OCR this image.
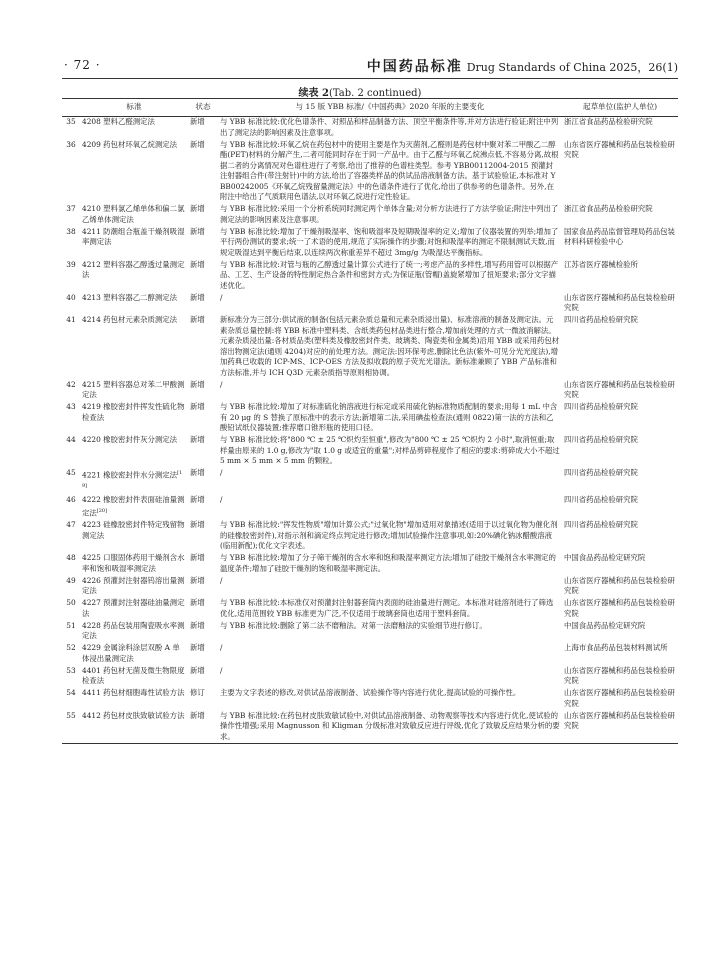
· 72 ·	中国药品标准 Drug Standards of China 2025，26(1)
续表 2(Tab. 2 continued)
	标准	状态	与 15 版 YBB 标准/《中国药典》2020 年版的主要变化	起草单位(监护人单位)
35	4208 塑料乙醛测定法	新增	与 YBB 标准比较:优化色谱条件、对照品和样品制备方法、顶空平衡条件等,并对方法进行验证;附注中列出了测定法的影响因素及注意事项。	浙江省食品药品检验研究院
36	4209 药包材环氧乙烷测定法	新增	与 YBB 标准比较:环氧乙烷在药包材中的使用主要是作为灭菌剂,乙醛则是药包材中聚对苯二甲酸乙二醇酯(PET)材料的分解产生,二者可能同时存在于同一产品中。由于乙醛与环氧乙烷沸点低,不容易分离,故根据二者的分离情况对色谱柱进行了考察,给出了推荐的色谱柱类型。参考 YBB00112004-2015 预灌封注射器组合件(带注射针)中的方法,给出了容器类样品的供试品溶液制备方法。基于试验验证,本标准对 YBB00242005《环氧乙烷残留量测定法》中的色谱条件进行了优化,给出了供参考的色谱条件。另外,在附注中给出了气质联用色谱法,以对环氧乙烷进行定性验证。	山东省医疗器械和药品包装检验研究院
37	4210 塑料氯乙烯单体和偏二氯乙烯单体测定法	新增	与 YBB 标准比较:采用一个分析系统同时测定两个单体含量;对分析方法进行了方法学验证;附注中列出了测定法的影响因素及注意事项。	浙江省食品药品检验研究院
38	4211 防潮组合瓶盖干燥剂吸湿率测定法	新增	与 YBB 标准比较:增加了干燥剂吸湿率、饱和吸湿率及短期吸湿率的定义;增加了仪器装置的列举;增加了平行两份测试的要求;统一了术语的使用,规范了实际操作的步骤;对饱和吸湿率的测定不限制测试天数,而规定吸湿达到平衡后结束,以连续两次称重差异不超过 3mg/g 为吸湿达平衡指标。	国家食品药品监督管理局药品包装材料科研检验中心
39	4212 塑料容器乙醇透过量测定法	新增	与 YBB 标准比较:对管与瓶的乙醇透过量计算公式进行了统一;考虑产品的多样性,增写药用管可以根据产品、工艺、生产设备的特性制定热合条件和密封方式;为保证瓶(管帽)盖旋紧增加了扭矩要求;部分文字描述优化。	江苏省医疗器械检验所
40	4213 塑料容器乙二醇测定法	新增	/	山东省医疗器械和药品包装检验研究院
41	4214 药包材元素杂质测定法	新增	新标准分为三部分:供试液的制备(包括元素杂质总量和元素杂质浸出量)、标准溶液的制备及测定法。元素杂质总量控制:将 YBB 标准中塑料类、含纸类药包材品类进行整合,增加前处理的方式一微波消解法。元素杂质浸出量:各材质品类(塑料类及橡胶密封件类、玻璃类、陶瓷类和金属类)沿用 YBB 或采用药包材溶出物测定法(通则 4204)对应的前处理方法。测定法:因环保考虑,删除比色法(紫外-可见分光光度法),增加药典已收载的 ICP-MS、ICP-OES 方法及拟收载的原子荧光光谱法。新标准兼顾了 YBB 产品标准和方法标准,并与 ICH Q3D 元素杂质指导原则相协调。	四川省药品检验研究院
42	4215 塑料容器总对苯二甲酸测定法	新增	/	山东省医疗器械和药品包装检验研究院
43	4219 橡胶密封件挥发性硫化物检查法	新增	与 YBB 标准比较:增加了对标准硫化钠溶液进行标定或采用硫化钠标准物质配制的要求;用每 1 mL 中含有 20 μg 的 S 替换了原标准中的表示方法;新增第二法,采用碘盐检查法(通则 0822)第一法的方法和乙酸铅试纸仪器装置;推荐磨口锥形瓶的使用口径。	四川省药品检验研究院
44	4220 橡胶密封件灰分测定法	新增	与 YBB 标准比较:将"800 ℃ ± 25 ℃炽灼至恒重",修改为"800 ℃ ± 25 ℃炽灼 2 小时",取消恒重;取样量由原来的 1.0 g,修改为"取 1.0 g 或适宜的重量";对样品剪碎程度作了相应的要求:剪碎成大小不超过 5 mm × 5 mm × 5 mm 的颗粒。	四川省药品检验研究院
45	4221 橡胶密封件水分测定法[19]	新增	/	四川省药品检验研究院
46	4222 橡胶密封件表面硅油量测定法[20]	新增	/	四川省药品检验研究院
47	4223 硅橡胶密封件特定残留物测定法	新增	与 YBB 标准比较:"挥发性物质"增加计算公式;"过氧化物"增加适用对象描述(适用于以过氧化物为催化剂的硅橡胶密封件),对指示剂和滴定终点判定进行修改;增加试验操作注意事项,如:20%碘化钠冰醋酸溶液(临用新配);优化文字表述。	四川省药品检验研究院
48	4225 口服固体药用干燥剂含水率和饱和吸湿率测定法	新增	与 YBB 标准比较:增加了分子筛干燥剂的含水率和饱和吸湿率测定方法;增加了硅胶干燥剂含水率测定的温度条件;增加了硅胶干燥剂的饱和吸湿率测定法。	中国食品药品检定研究院
49	4226 预灌封注射器钨溶出量测定法	新增	/	山东省医疗器械和药品包装检验研究院
50	4227 预灌封注射器硅油量测定法	新增	与 YBB 标准比较:本标准仅对预灌封注射器套筒内表面的硅油量进行测定。本标准对硅溶剂进行了筛选优化,适用范围较 YBB 标准更为广泛,不仅适用于玻璃套筒也适用于塑料套筒。	山东省医疗器械和药品包装检验研究院
51	4228 药品包装用陶瓷吸水率测定法	新增	与 YBB 标准比较:删除了第二法不磨釉法。对第一法磨釉法的实验细节进行修订。	中国食品药品检定研究院
52	4229 金属涂料涂层双酚 A 单体浸出量测定法	新增	/	上海市食品药品包装材料测试所
53	4401 药包材无菌及微生物限度检查法	新增	/	山东省医疗器械和药品包装检验研究院
54	4411 药包材细胞毒性试验方法	修订	主要为文字表述的修改,对供试品溶液制备、试验操作等内容进行优化,提高试验的可操作性。	山东省医疗器械和药品包装检验研究院
55	4412 药包材皮肤致敏试验方法	新增	与 YBB 标准比较:在药包材皮肤致敏试验中,对供试品溶液制备、动物观察等技术内容进行优化,使试验的操作性增强;采用 Magnusson 和 Kligman 分级标准对致敏反应进行评级,优化了致敏反应结果分析的要求。	山东省医疗器械和药品包装检验研究院
